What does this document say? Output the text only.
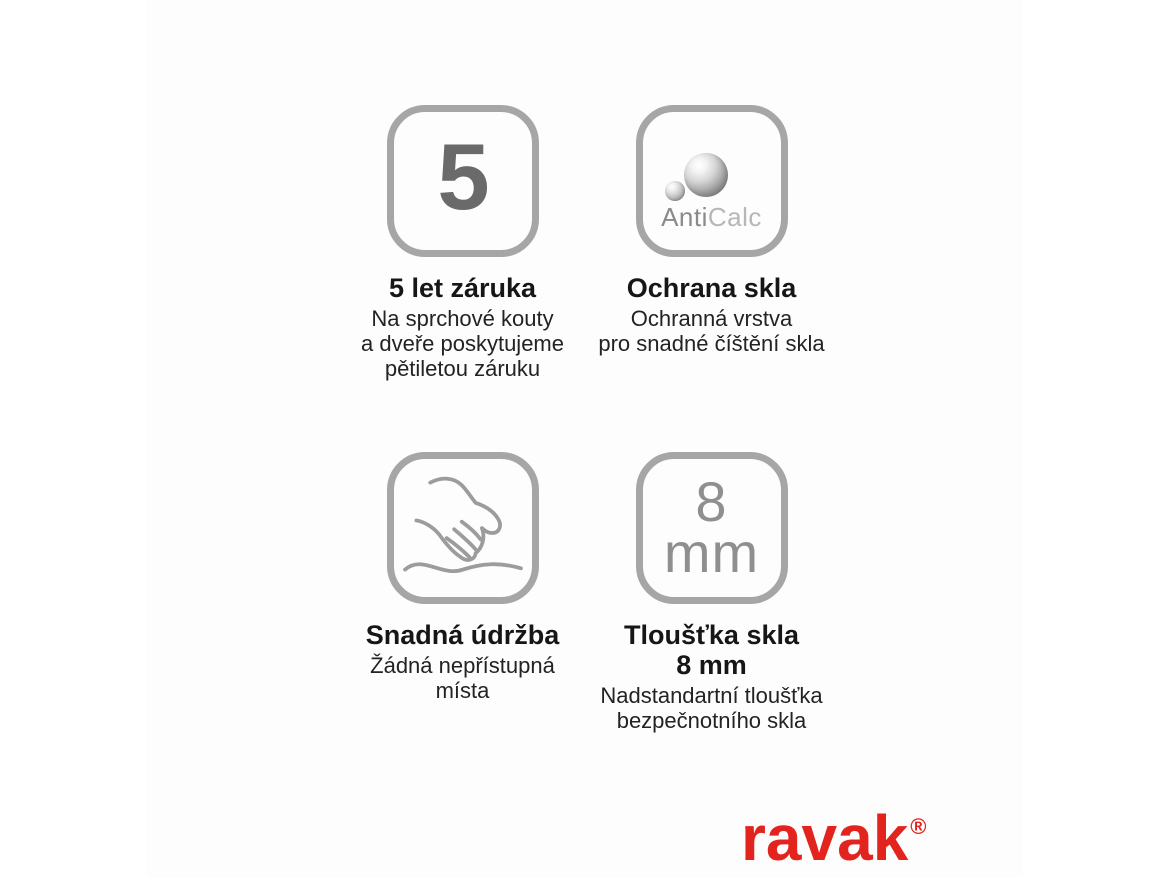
5
5 let záruka
Na sprchové kouty
a dveře poskytujeme
pětiletou záruku
AntiCalc
Ochrana skla
Ochranná vrstva
pro snadné číštění skla
Snadná údržba
Žádná nepřístupná
místa
8
mm
Tloušťka skla
8 mm
Nadstandartní tloušťka
bezpečnotního skla
ravak®
